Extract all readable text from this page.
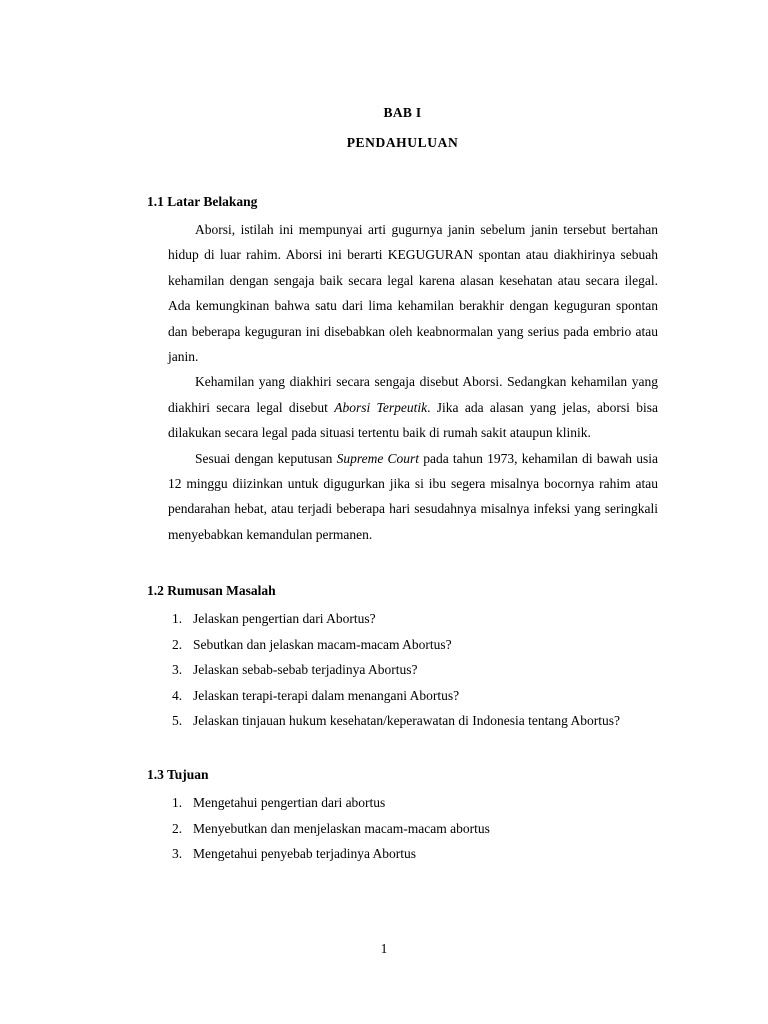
BAB I
PENDAHULUAN
1.1 Latar Belakang

Aborsi, istilah ini mempunyai arti gugurnya janin sebelum janin tersebut bertahan hidup di luar rahim. Aborsi ini berarti KEGUGURAN spontan atau diakhirinya sebuah kehamilan dengan sengaja baik secara legal karena alasan kesehatan atau secara ilegal. Ada kemungkinan bahwa satu dari lima kehamilan berakhir dengan keguguran spontan dan beberapa keguguran ini disebabkan oleh keabnormalan yang serius pada embrio atau janin.

Kehamilan yang diakhiri secara sengaja disebut Aborsi. Sedangkan kehamilan yang diakhiri secara legal disebut Aborsi Terpeutik. Jika ada alasan yang jelas, aborsi bisa dilakukan secara legal pada situasi tertentu baik di rumah sakit ataupun klinik.

Sesuai dengan keputusan Supreme Court pada tahun 1973, kehamilan di bawah usia 12 minggu diizinkan untuk digugurkan jika si ibu segera misalnya bocornya rahim atau pendarahan hebat, atau terjadi beberapa hari sesudahnya misalnya infeksi yang seringkali menyebabkan kemandulan permanen.

1.2 Rumusan Masalah
1. Jelaskan pengertian dari Abortus?
2. Sebutkan dan jelaskan macam-macam Abortus?
3. Jelaskan sebab-sebab terjadinya Abortus?
4. Jelaskan terapi-terapi dalam menangani Abortus?
5. Jelaskan tinjauan hukum kesehatan/keperawatan di Indonesia tentang Abortus?
1.3 Tujuan
1. Mengetahui pengertian dari abortus
2. Menyebutkan dan menjelaskan macam-macam abortus
3. Mengetahui penyebab terjadinya Abortus
1
